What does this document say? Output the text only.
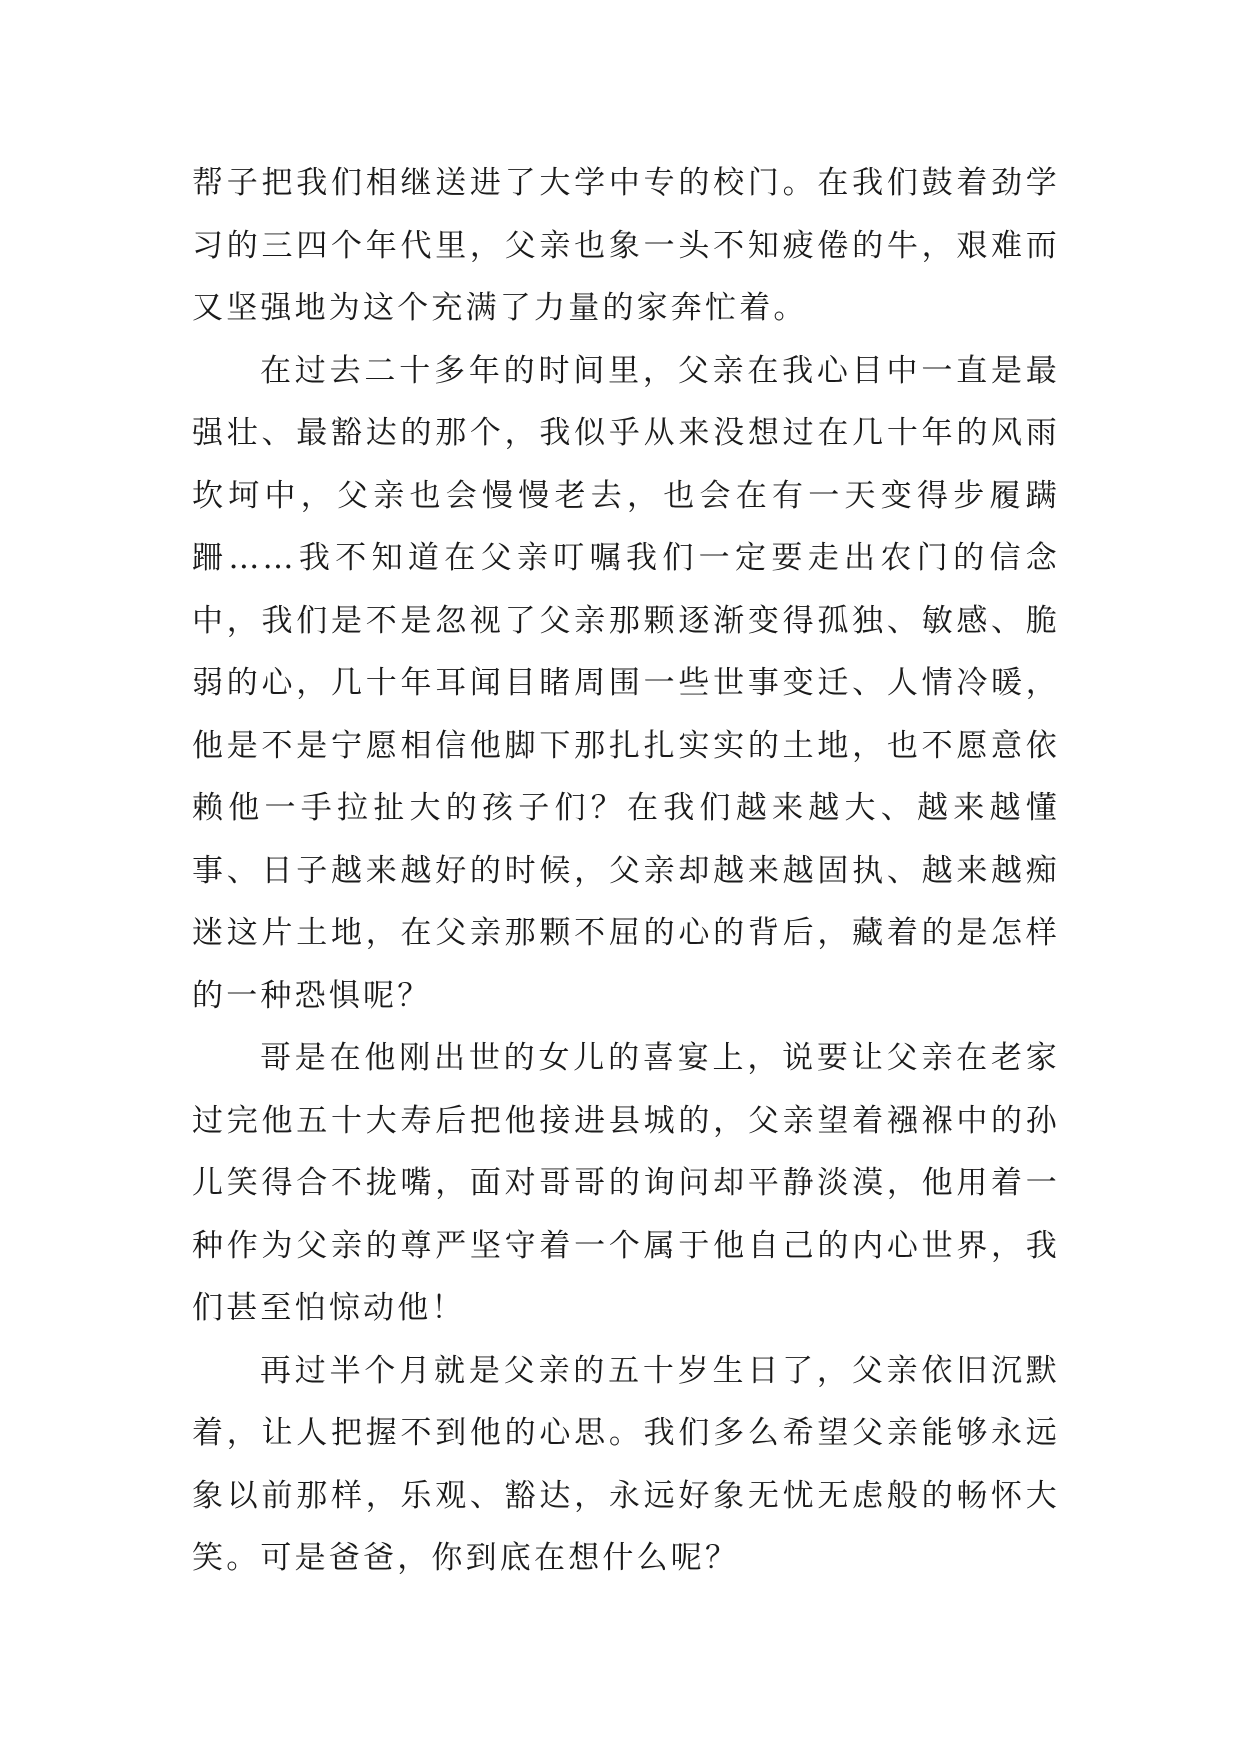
帮子把我们相继送进了大学中专的校门。在我们鼓着劲学习的三四个年代里，父亲也象一头不知疲倦的牛，艰难而又坚强地为这个充满了力量的家奔忙着。

在过去二十多年的时间里，父亲在我心目中一直是最强壮、最豁达的那个，我似乎从来没想过在几十年的风雨坎坷中，父亲也会慢慢老去，也会在有一天变得步履蹒跚……我不知道在父亲叮嘱我们一定要走出农门的信念中，我们是不是忽视了父亲那颗逐渐变得孤独、敏感、脆弱的心，几十年耳闻目睹周围一些世事变迁、人情冷暖，他是不是宁愿相信他脚下那扎扎实实的土地，也不愿意依赖他一手拉扯大的孩子们？在我们越来越大、越来越懂事、日子越来越好的时候，父亲却越来越固执、越来越痴迷这片土地，在父亲那颗不屈的心的背后，藏着的是怎样的一种恐惧呢？

哥是在他刚出世的女儿的喜宴上，说要让父亲在老家过完他五十大寿后把他接进县城的，父亲望着襁褓中的孙儿笑得合不拢嘴，面对哥哥的询问却平静淡漠，他用着一种作为父亲的尊严坚守着一个属于他自己的内心世界，我们甚至怕惊动他！

再过半个月就是父亲的五十岁生日了，父亲依旧沉默着，让人把握不到他的心思。我们多么希望父亲能够永远象以前那样，乐观、豁达，永远好象无忧无虑般的畅怀大笑。可是爸爸，你到底在想什么呢？
